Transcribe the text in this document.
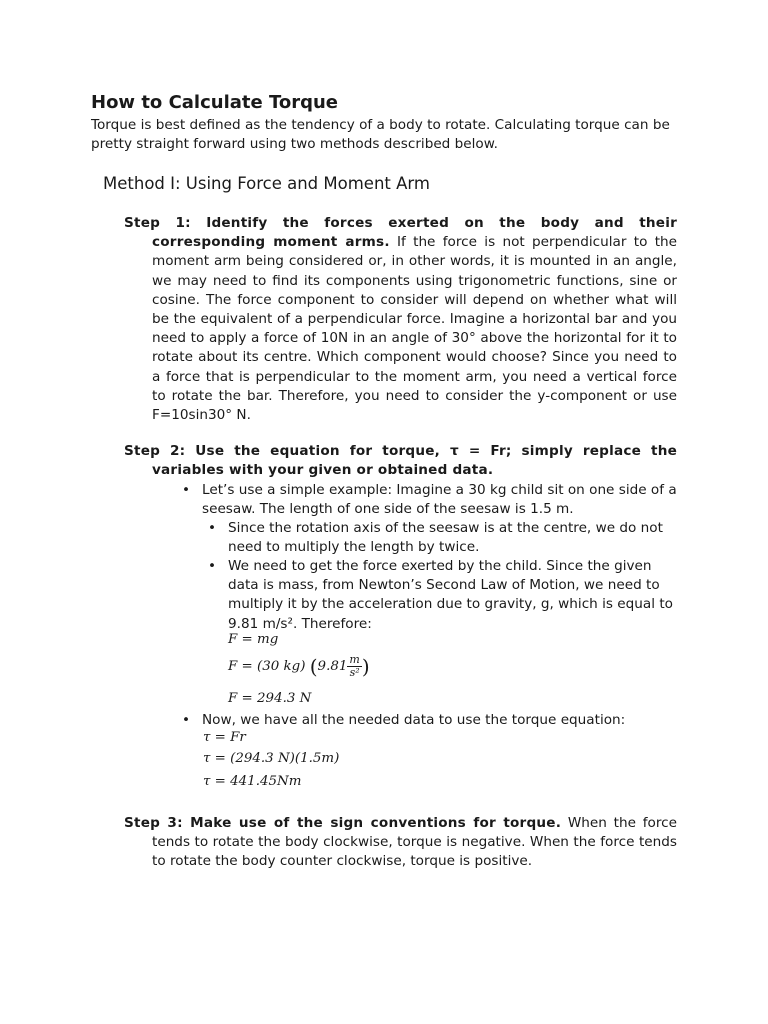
How to Calculate Torque

Torque is best defined as the tendency of a body to rotate. Calculating torque can be pretty straight forward using two methods described below.

Method I: Using Force and Moment Arm

Step 1: Identify the forces exerted on the body and their corresponding moment arms. If the force is not perpendicular to the moment arm being considered or, in other words, it is mounted in an angle, we may need to find its components using trigonometric functions, sine or cosine. The force component to consider will depend on whether what will be the equivalent of a perpendicular force. Imagine a horizontal bar and you need to apply a force of 10N in an angle of 30° above the horizontal for it to rotate about its centre. Which component would choose? Since you need to a force that is perpendicular to the moment arm, you need a vertical force to rotate the bar. Therefore, you need to consider the y-component or use F=10sin30° N.

Step 2: Use the equation for torque, τ = Fr; simply replace the variables with your given or obtained data.

• Let’s use a simple example: Imagine a 30 kg child sit on one side of a seesaw. The length of one side of the seesaw is 1.5 m.
• Since the rotation axis of the seesaw is at the centre, we do not need to multiply the length by twice.
• We need to get the force exerted by the child. Since the given data is mass, from Newton’s Second Law of Motion, we need to multiply it by the acceleration due to gravity, g, which is equal to 9.81 m/s². Therefore:

F = mg

F = (30 kg) ($9.81 \frac{m}{\text{s²}}$ )

F = 294.3 N

• Now, we have all the needed data to use the torque equation:

τ = Fr

τ = (294.3 N)(1.5m)

τ = 441.45Nm

Step 3: Make use of the sign conventions for torque. When the force tends to rotate the body clockwise, torque is negative. When the force tends to rotate the body counter clockwise, torque is positive.
